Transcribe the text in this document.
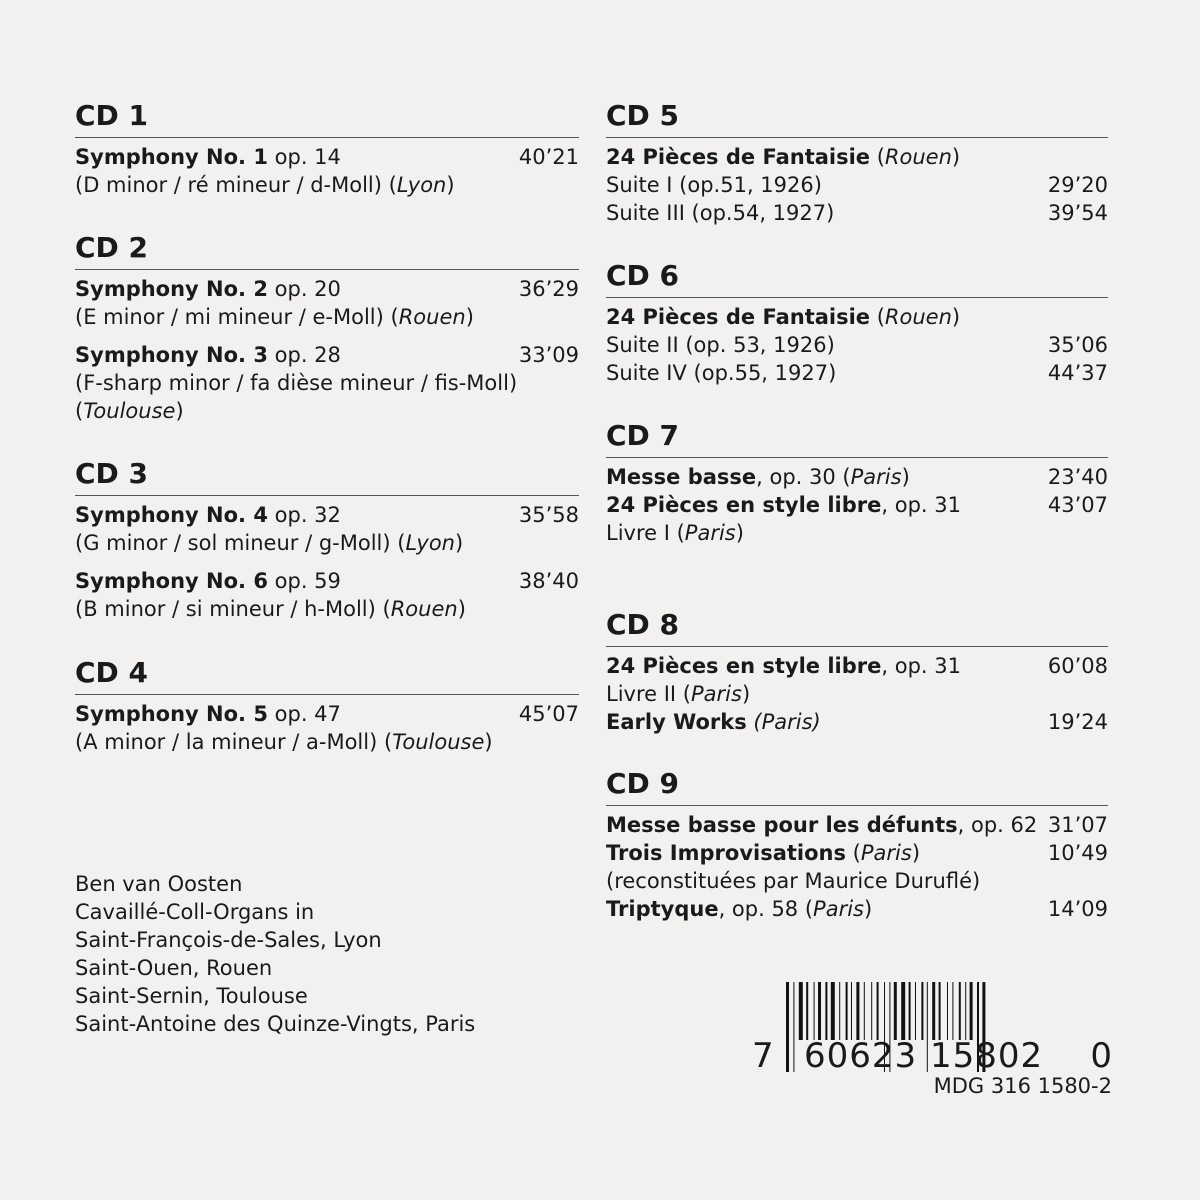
CD 1
Symphony No. 1 op. 14	40’21
(D minor / ré mineur / d-Moll) (Lyon)
CD 2
Symphony No. 2 op. 20	36’29
(E minor / mi mineur / e-Moll) (Rouen)
Symphony No. 3 op. 28	33’09
(F-sharp minor / fa dièse mineur / fis-Moll)
(Toulouse)
CD 3
Symphony No. 4 op. 32	35’58
(G minor / sol mineur / g-Moll) (Lyon)
Symphony No. 6 op. 59	38’40
(B minor / si mineur / h-Moll) (Rouen)
CD 4
Symphony No. 5 op. 47	45’07
(A minor / la mineur / a-Moll) (Toulouse)
CD 5
24 Pièces de Fantaisie (Rouen)
Suite I (op.51, 1926)	29’20
Suite III (op.54, 1927)	39’54
CD 6
24 Pièces de Fantaisie (Rouen)
Suite II (op. 53, 1926)	35’06
Suite IV (op.55, 1927)	44’37
CD 7
Messe basse, op. 30 (Paris)	23’40
24 Pièces en style libre, op. 31	43’07
Livre I (Paris)
CD 8
24 Pièces en style libre, op. 31	60’08
Livre II (Paris)
Early Works (Paris)	19’24
CD 9
Messe basse pour les défunts, op. 62 31’07
Trois Improvisations (Paris)	10’49
(reconstituées par Maurice Duruflé)
Triptyque, op. 58 (Paris)	14’09
Ben van Oosten
Cavaillé-Coll-Organs in
Saint-François-de-Sales, Lyon
Saint-Ouen, Rouen
Saint-Sernin, Toulouse
Saint-Antoine des Quinze-Vingts, Paris
7 60623 15802 0
MDG 316 1580-2
